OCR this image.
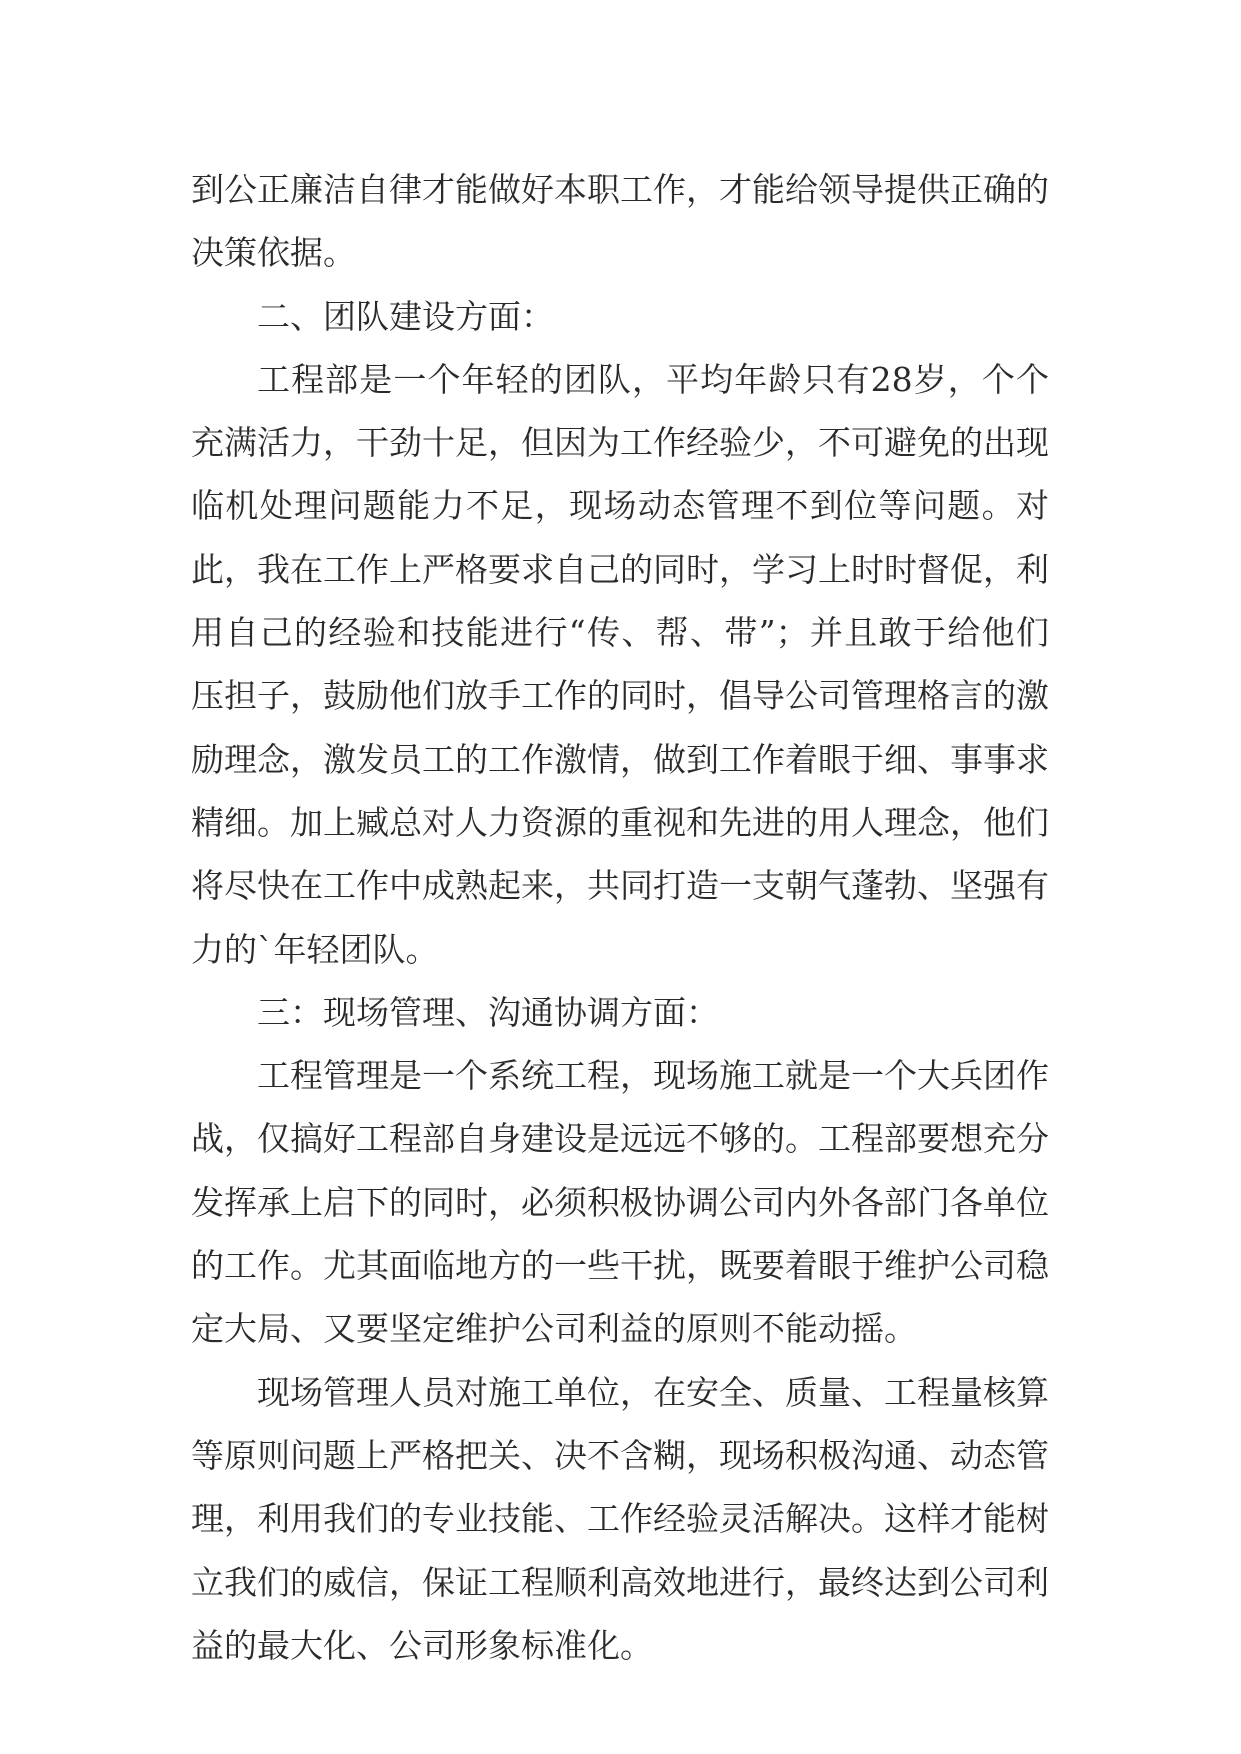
到公正廉洁自律才能做好本职工作，才能给领导提供正确的决策依据。

二、团队建设方面：

工程部是一个年轻的团队，平均年龄只有28岁，个个充满活力，干劲十足，但因为工作经验少，不可避免的出现临机处理问题能力不足，现场动态管理不到位等问题。对此，我在工作上严格要求自己的同时，学习上时时督促，利用自己的经验和技能进行“传、帮、带”；并且敢于给他们压担子，鼓励他们放手工作的同时，倡导公司管理格言的激励理念，激发员工的工作激情，做到工作着眼于细、事事求精细。加上臧总对人力资源的重视和先进的用人理念，他们将尽快在工作中成熟起来，共同打造一支朝气蓬勃、坚强有力的`年轻团队。

三：现场管理、沟通协调方面：

工程管理是一个系统工程，现场施工就是一个大兵团作战，仅搞好工程部自身建设是远远不够的。工程部要想充分发挥承上启下的同时，必须积极协调公司内外各部门各单位的工作。尤其面临地方的一些干扰，既要着眼于维护公司稳定大局、又要坚定维护公司利益的原则不能动摇。

现场管理人员对施工单位，在安全、质量、工程量核算等原则问题上严格把关、决不含糊，现场积极沟通、动态管理，利用我们的专业技能、工作经验灵活解决。这样才能树立我们的威信，保证工程顺利高效地进行，最终达到公司利益的最大化、公司形象标准化。
